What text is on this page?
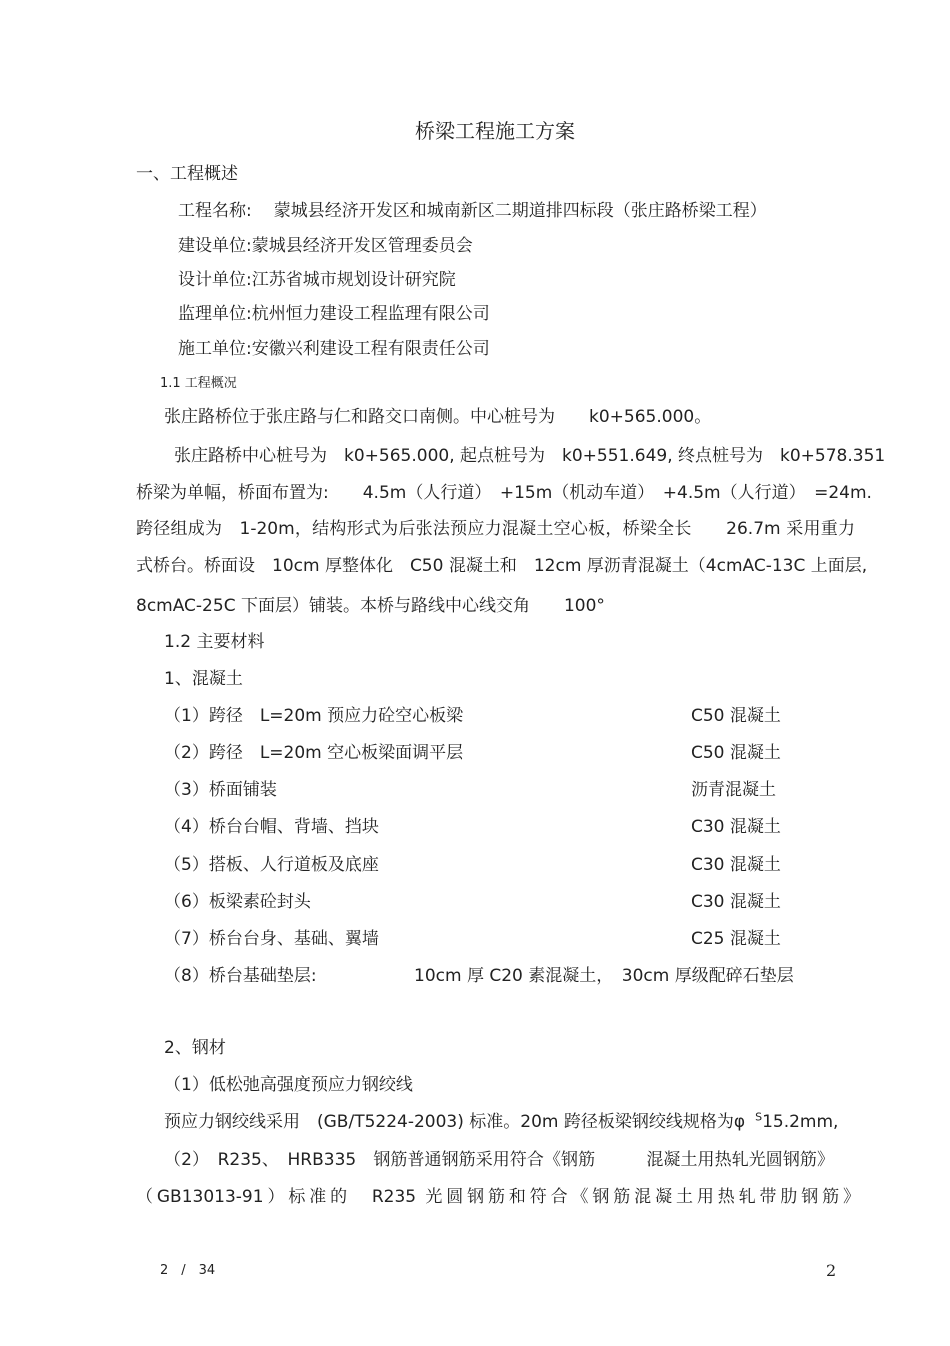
桥梁工程施工方案
一、工程概述
工程名称: 蒙城县经济开发区和城南新区二期道排四标段（张庄路桥梁工程）
建设单位:蒙城县经济开发区管理委员会
设计单位:江苏省城市规划设计研究院
监理单位:杭州恒力建设工程监理有限公司
施工单位:安徽兴利建设工程有限责任公司
1.1 工程概况
张庄路桥位于张庄路与仁和路交口南侧。中心桩号为　　k0+565.000。
张庄路桥中心桩号为　k0+565.000, 起点桩号为　k0+551.649, 终点桩号为　k0+578.351
桥梁为单幅，桥面布置为:　　4.5m（人行道）　+15m（机动车道）　+4.5m（人行道）　=24m.
跨径组成为　1-20m，结构形式为后张法预应力混凝土空心板，桥梁全长　　26.7m 采用重力
式桥台。桥面设　10cm 厚整体化　C50 混凝土和　12cm 厚沥青混凝土（4cmAC-13C 上面层,
8cmAC-25C 下面层）铺装。本桥与路线中心线交角　　100°
1.2 主要材料
1、混凝土
（1）跨径　L=20m 预应力砼空心板梁	C50 混凝土
（2）跨径　L=20m 空心板梁面调平层	C50 混凝土
（3）桥面铺装	沥青混凝土
（4）桥台台帽、背墙、挡块	C30 混凝土
（5）搭板、人行道板及底座	C30 混凝土
（6）板梁素砼封头	C30 混凝土
（7）桥台台身、基础、翼墙	C25 混凝土
（8）桥台基础垫层:	10cm 厚 C20 素混凝土，　30cm 厚级配碎石垫层
2、钢材
（1）低松弛高强度预应力钢绞线
预应力钢绞线采用　(GB/T5224-2003) 标准。20m 跨径板梁钢绞线规格为φ $^S$15.2mm,
（2）　R235、　HRB335　钢筋普通钢筋采用符合《钢筋　　　混凝土用热轧光圆钢筋》
（GB13013-91）标准的　R235 光圆钢筋和符合《钢筋混凝土用热轧带肋钢筋》
2　/　34	2
